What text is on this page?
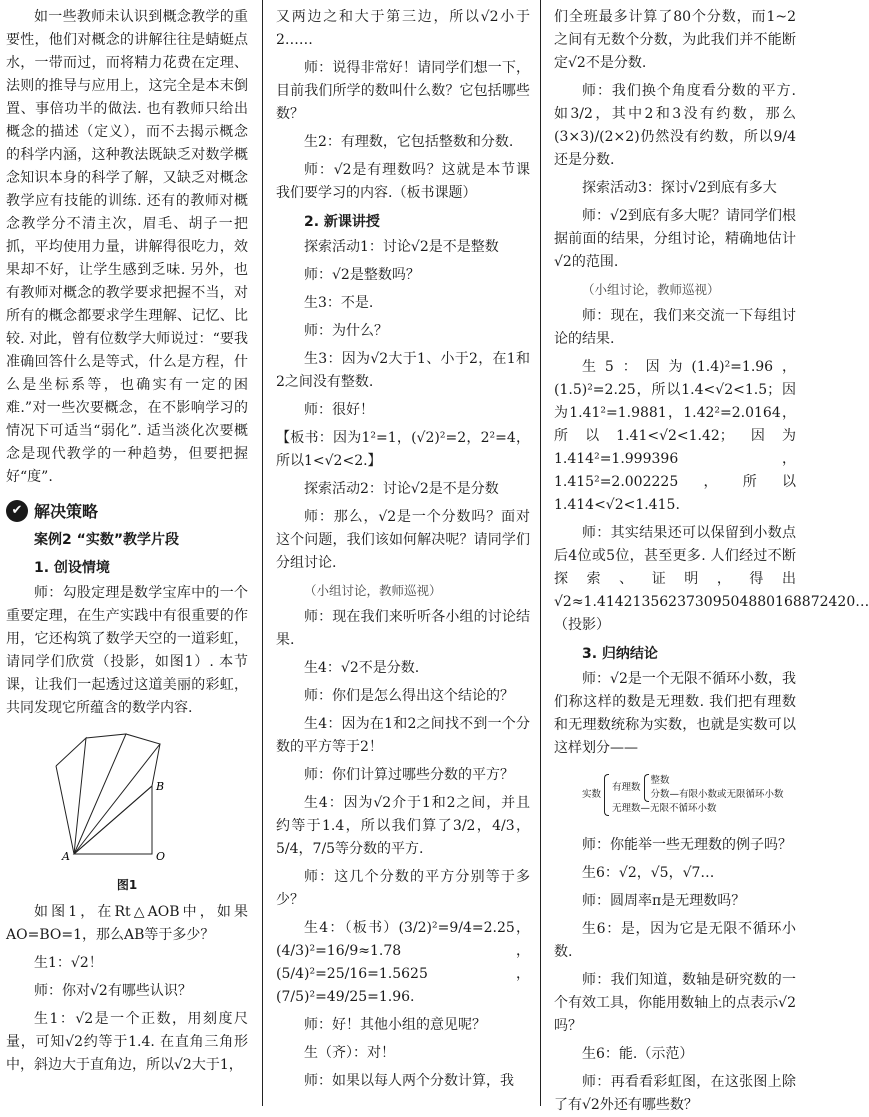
如一些教师未认识到概念教学的重要性，他们对概念的讲解往往是蜻蜓点水，一带而过，而将精力花费在定理、法则的推导与应用上，这完全是本末倒置、事倍功半的做法. 也有教师只给出概念的描述（定义），而不去揭示概念的科学内涵，这种教法既缺乏对数学概念知识本身的科学了解，又缺乏对概念教学应有技能的训练. 还有的教师对概念教学分不清主次，眉毛、胡子一把抓，平均使用力量，讲解得很吃力，效果却不好，让学生感到乏味. 另外，也有教师对概念的教学要求把握不当，对所有的概念都要求学生理解、记忆、比较. 对此，曾有位数学大师说过：“要我准确回答什么是等式，什么是方程，什么是坐标系等，也确实有一定的困难.”对一些次要概念，在不影响学习的情况下可适当“弱化”. 适当淡化次要概念是现代教学的一种趋势，但要把握好“度”.

✔ 解决策略
案例2 “实数”教学片段
1. 创设情境

师：勾股定理是数学宝库中的一个重要定理，在生产实践中有很重要的作用，它还构筑了数学天空的一道彩虹，请同学们欣赏（投影，如图1）. 本节课，让我们一起透过这道美丽的彩虹，共同发现它所蕴含的数学内容.

B
A	O
图1

如图1，在Rt△AOB中，如果AO=BO=1，那么AB等于多少？

生1：√2！

师：你对√2有哪些认识？

生1：√2是一个正数，用刻度尺量，可知√2约等于1.4. 在直角三角形中，斜边大于直角边，所以√2大于1，

又两边之和大于第三边，所以√2小于2……

师：说得非常好！请同学们想一下，目前我们所学的数叫什么数？它包括哪些数？

生2：有理数，它包括整数和分数.

师：√2是有理数吗？这就是本节课我们要学习的内容.（板书课题）

2. 新课讲授

探索活动1：讨论√2是不是整数

师：√2是整数吗？

生3：不是.

师：为什么？

生3：因为√2大于1、小于2，在1和2之间没有整数.

师：很好！

【板书：因为1²=1，(√2)²=2，2²=4，所以1<√2<2.】

探索活动2：讨论√2是不是分数

师：那么，√2是一个分数吗？面对这个问题，我们该如何解决呢？请同学们分组讨论.

（小组讨论，教师巡视）

师：现在我们来听听各小组的讨论结果.

生4：√2不是分数.

师：你们是怎么得出这个结论的？

生4：因为在1和2之间找不到一个分数的平方等于2！

师：你们计算过哪些分数的平方？

生4：因为√2介于1和2之间，并且约等于1.4，所以我们算了3/2，4/3，5/4，7/5等分数的平方.

师：这几个分数的平方分别等于多少？

生4：（板书）(3/2)²=9/4=2.25，(4/3)²=16/9≈1.78，(5/4)²=25/16=1.5625，(7/5)²=49/25=1.96.

师：好！其他小组的意见呢？

生（齐）：对！

师：如果以每人两个分数计算，我

们全班最多计算了80个分数，而1~2之间有无数个分数，为此我们并不能断定√2不是分数.

师：我们换个角度看分数的平方. 如3/2，其中2和3没有约数，那么(3×3)/(2×2)仍然没有约数，所以9/4还是分数.

探索活动3：探讨√2到底有多大

师：√2到底有多大呢？请同学们根据前面的结果，分组讨论，精确地估计√2的范围.

（小组讨论，教师巡视）

师：现在，我们来交流一下每组讨论的结果.

生5：因为(1.4)²=1.96，(1.5)²=2.25，所以1.4<√2<1.5；因为1.41²=1.9881，1.42²=2.0164，所以1.41<√2<1.42；因为1.414²=1.999396，1.415²=2.002225，所以1.414<√2<1.415.

师：其实结果还可以保留到小数点后4位或5位，甚至更多. 人们经过不断探索、证明，得出√2≈1.41421356237309504880168872420…（投影）

3. 归纳结论

师：√2是一个无限不循环小数，我们称这样的数是无理数. 我们把有理数和无理数统称为实数，也就是实数可以这样划分——

实数		有理数		整数
分数—有限小数或无限循环小数
无理数—无限不循环小数

师：你能举一些无理数的例子吗？

生6：√2，√5，√7…

师：圆周率π是无理数吗？

生6：是，因为它是无限不循环小数.

师：我们知道，数轴是研究数的一个有效工具，你能用数轴上的点表示√2吗？

生6：能.（示范）

师：再看看彩虹图，在这张图上除了有√2外还有哪些数？
